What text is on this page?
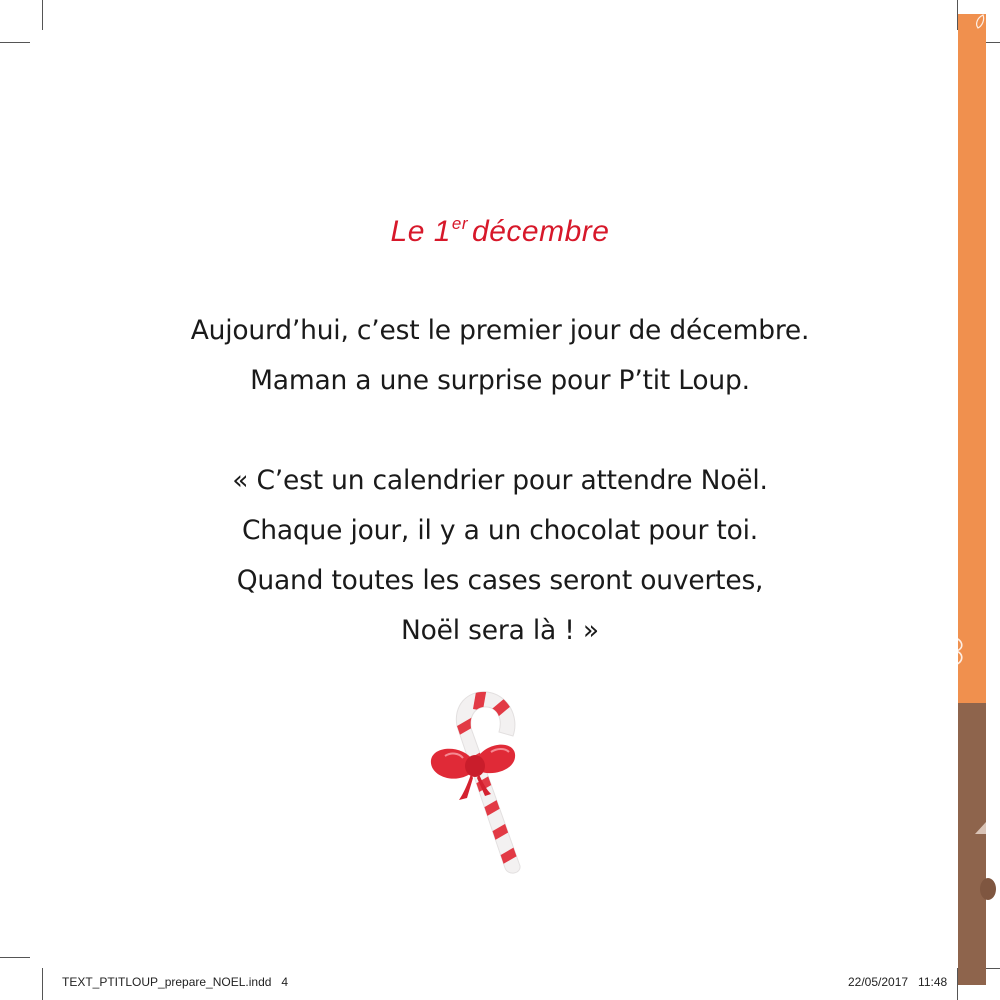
Le 1er décembre
Aujourd’hui, c’est le premier jour de décembre.
Maman a une surprise pour P’tit Loup.
« C’est un calendrier pour attendre Noël.
Chaque jour, il y a un chocolat pour toi.
Quand toutes les cases seront ouvertes,
Noël sera là ! »
TEXT_PTITLOUP_prepare_NOEL.indd   4	22/05/2017   11:48
